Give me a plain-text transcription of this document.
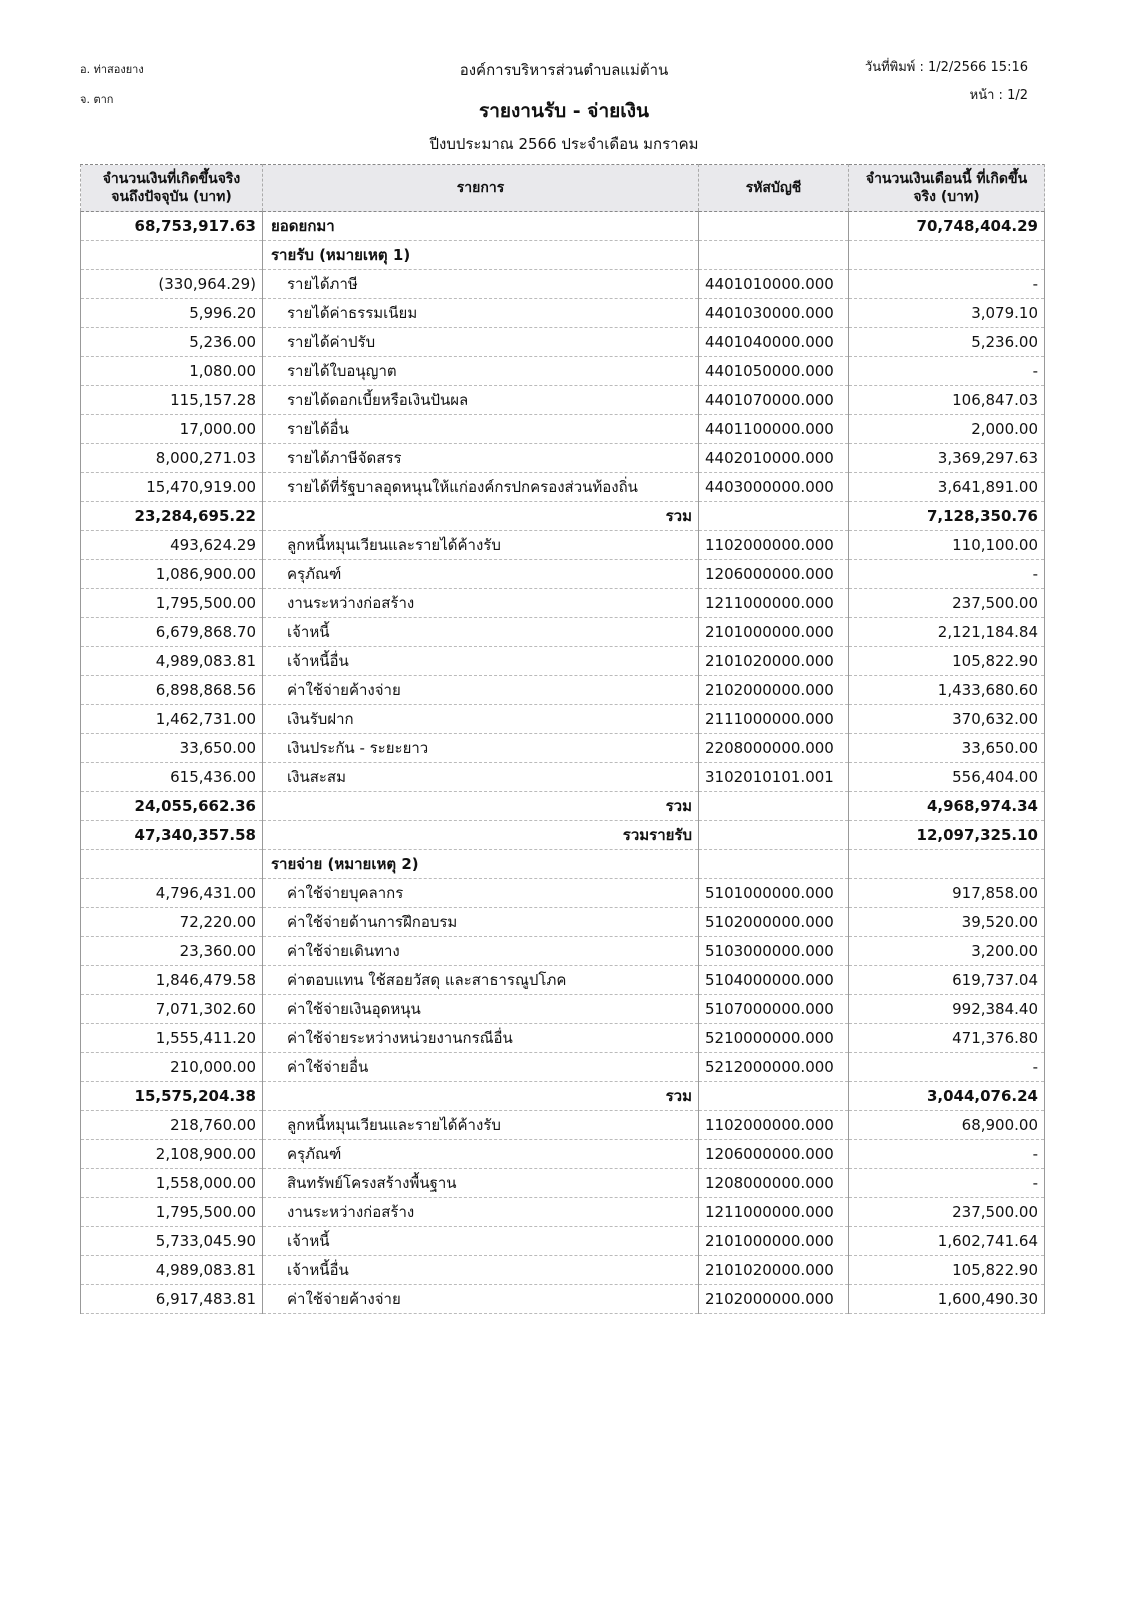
อ. ท่าสองยาง
จ. ตาก
องค์การบริหารส่วนตำบลแม่ต้าน	วันที่พิมพ์ : 1/2/2566 15:16
หน้า : 1/2
รายงานรับ - จ่ายเงิน
ปีงบประมาณ 2566 ประจำเดือน มกราคม
จำนวนเงินที่เกิดขึ้นจริง จนถึงปัจจุบัน (บาท)	รายการ	รหัสบัญชี	จำนวนเงินเดือนนี้ ที่เกิดขึ้นจริง (บาท)
68,753,917.63	ยอดยกมา		70,748,404.29
	รายรับ (หมายเหตุ 1)		
(330,964.29)	รายได้ภาษี	4401010000.000	-
5,996.20	รายได้ค่าธรรมเนียม	4401030000.000	3,079.10
5,236.00	รายได้ค่าปรับ	4401040000.000	5,236.00
1,080.00	รายได้ใบอนุญาต	4401050000.000	-
115,157.28	รายได้ดอกเบี้ยหรือเงินปันผล	4401070000.000	106,847.03
17,000.00	รายได้อื่น	4401100000.000	2,000.00
8,000,271.03	รายได้ภาษีจัดสรร	4402010000.000	3,369,297.63
15,470,919.00	รายได้ที่รัฐบาลอุดหนุนให้แก่องค์กรปกครองส่วนท้องถิ่น	4403000000.000	3,641,891.00
23,284,695.22	รวม		7,128,350.76
493,624.29	ลูกหนี้หมุนเวียนและรายได้ค้างรับ	1102000000.000	110,100.00
1,086,900.00	ครุภัณฑ์	1206000000.000	-
1,795,500.00	งานระหว่างก่อสร้าง	1211000000.000	237,500.00
6,679,868.70	เจ้าหนี้	2101000000.000	2,121,184.84
4,989,083.81	เจ้าหนี้อื่น	2101020000.000	105,822.90
6,898,868.56	ค่าใช้จ่ายค้างจ่าย	2102000000.000	1,433,680.60
1,462,731.00	เงินรับฝาก	2111000000.000	370,632.00
33,650.00	เงินประกัน - ระยะยาว	2208000000.000	33,650.00
615,436.00	เงินสะสม	3102010101.001	556,404.00
24,055,662.36	รวม		4,968,974.34
47,340,357.58	รวมรายรับ		12,097,325.10
	รายจ่าย (หมายเหตุ 2)		
4,796,431.00	ค่าใช้จ่ายบุคลากร	5101000000.000	917,858.00
72,220.00	ค่าใช้จ่ายด้านการฝึกอบรม	5102000000.000	39,520.00
23,360.00	ค่าใช้จ่ายเดินทาง	5103000000.000	3,200.00
1,846,479.58	ค่าตอบแทน ใช้สอยวัสดุ และสาธารณูปโภค	5104000000.000	619,737.04
7,071,302.60	ค่าใช้จ่ายเงินอุดหนุน	5107000000.000	992,384.40
1,555,411.20	ค่าใช้จ่ายระหว่างหน่วยงานกรณีอื่น	5210000000.000	471,376.80
210,000.00	ค่าใช้จ่ายอื่น	5212000000.000	-
15,575,204.38	รวม		3,044,076.24
218,760.00	ลูกหนี้หมุนเวียนและรายได้ค้างรับ	1102000000.000	68,900.00
2,108,900.00	ครุภัณฑ์	1206000000.000	-
1,558,000.00	สินทรัพย์โครงสร้างพื้นฐาน	1208000000.000	-
1,795,500.00	งานระหว่างก่อสร้าง	1211000000.000	237,500.00
5,733,045.90	เจ้าหนี้	2101000000.000	1,602,741.64
4,989,083.81	เจ้าหนี้อื่น	2101020000.000	105,822.90
6,917,483.81	ค่าใช้จ่ายค้างจ่าย	2102000000.000	1,600,490.30
